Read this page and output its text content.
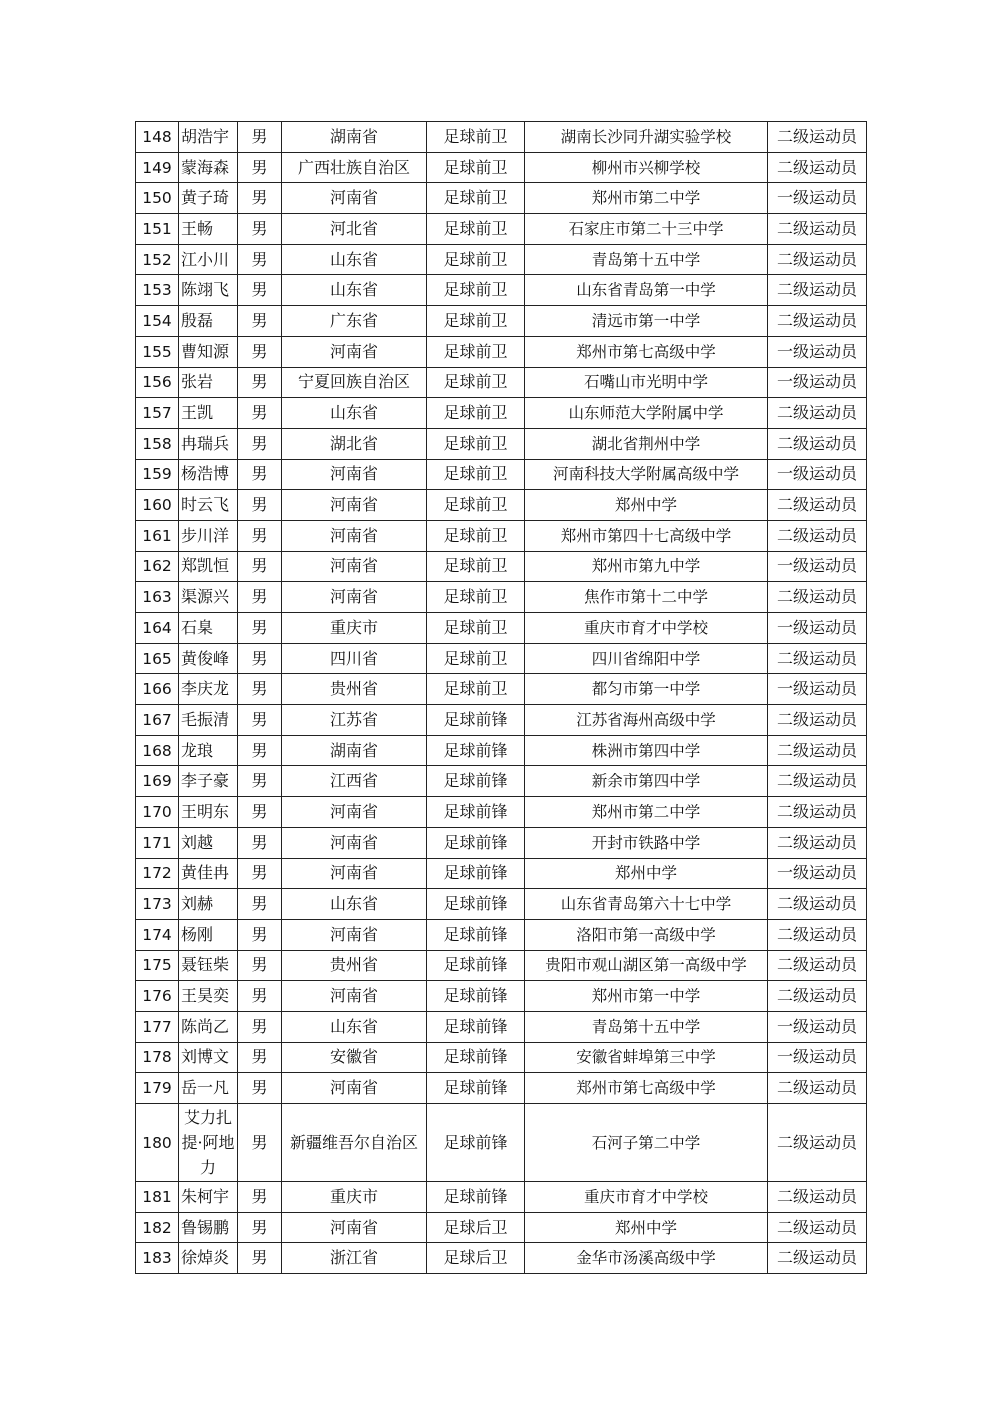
148	胡浩宇	男	湖南省	足球前卫	湖南长沙同升湖实验学校	二级运动员
149	蒙海森	男	广西壮族自治区	足球前卫	柳州市兴柳学校	二级运动员
150	黄子琦	男	河南省	足球前卫	郑州市第二中学	一级运动员
151	王畅	男	河北省	足球前卫	石家庄市第二十三中学	二级运动员
152	江小川	男	山东省	足球前卫	青岛第十五中学	二级运动员
153	陈翊飞	男	山东省	足球前卫	山东省青岛第一中学	二级运动员
154	殷磊	男	广东省	足球前卫	清远市第一中学	二级运动员
155	曹知源	男	河南省	足球前卫	郑州市第七高级中学	一级运动员
156	张岩	男	宁夏回族自治区	足球前卫	石嘴山市光明中学	一级运动员
157	王凯	男	山东省	足球前卫	山东师范大学附属中学	二级运动员
158	冉瑞兵	男	湖北省	足球前卫	湖北省荆州中学	二级运动员
159	杨浩博	男	河南省	足球前卫	河南科技大学附属高级中学	一级运动员
160	时云飞	男	河南省	足球前卫	郑州中学	二级运动员
161	步川洋	男	河南省	足球前卫	郑州市第四十七高级中学	二级运动员
162	郑凯恒	男	河南省	足球前卫	郑州市第九中学	一级运动员
163	渠源兴	男	河南省	足球前卫	焦作市第十二中学	二级运动员
164	石臬	男	重庆市	足球前卫	重庆市育才中学校	一级运动员
165	黄俊峰	男	四川省	足球前卫	四川省绵阳中学	二级运动员
166	李庆龙	男	贵州省	足球前卫	都匀市第一中学	一级运动员
167	毛振清	男	江苏省	足球前锋	江苏省海州高级中学	二级运动员
168	龙琅	男	湖南省	足球前锋	株洲市第四中学	二级运动员
169	李子豪	男	江西省	足球前锋	新余市第四中学	二级运动员
170	王明东	男	河南省	足球前锋	郑州市第二中学	二级运动员
171	刘越	男	河南省	足球前锋	开封市铁路中学	二级运动员
172	黄佳冉	男	河南省	足球前锋	郑州中学	一级运动员
173	刘赫	男	山东省	足球前锋	山东省青岛第六十七中学	二级运动员
174	杨刚	男	河南省	足球前锋	洛阳市第一高级中学	二级运动员
175	聂钰柴	男	贵州省	足球前锋	贵阳市观山湖区第一高级中学	二级运动员
176	王昊奕	男	河南省	足球前锋	郑州市第一中学	二级运动员
177	陈尚乙	男	山东省	足球前锋	青岛第十五中学	一级运动员
178	刘博文	男	安徽省	足球前锋	安徽省蚌埠第三中学	一级运动员
179	岳一凡	男	河南省	足球前锋	郑州市第七高级中学	二级运动员
180	艾力扎提·阿地力	男	新疆维吾尔自治区	足球前锋	石河子第二中学	二级运动员
181	朱柯宇	男	重庆市	足球前锋	重庆市育才中学校	二级运动员
182	鲁锡鹏	男	河南省	足球后卫	郑州中学	二级运动员
183	徐焯炎	男	浙江省	足球后卫	金华市汤溪高级中学	二级运动员
